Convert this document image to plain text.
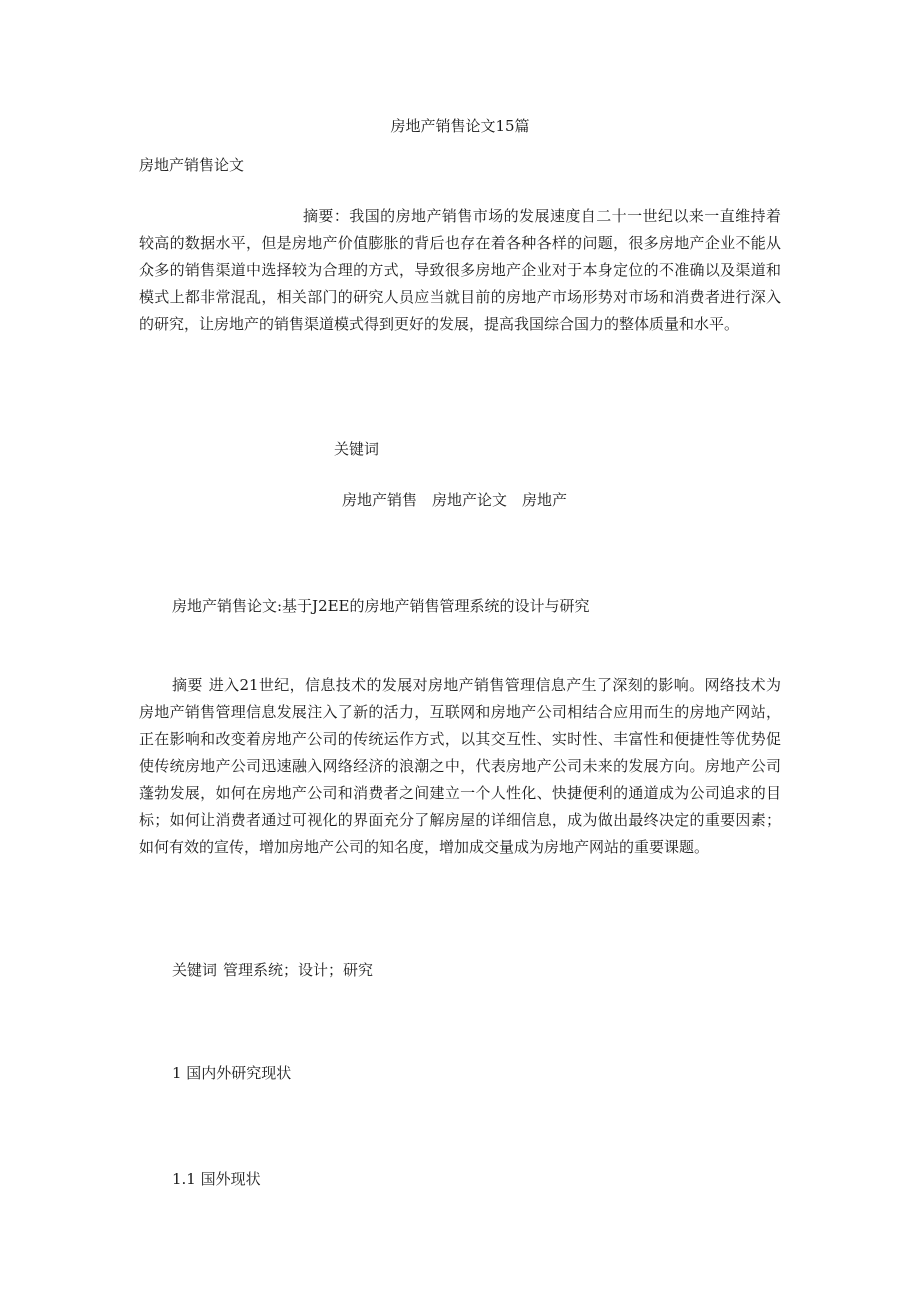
房地产销售论文15篇
房地产销售论文

摘要：我国的房地产销售市场的发展速度自二十一世纪以来一直维持着较高的数据水平，但是房地产价值膨胀的背后也存在着各种各样的问题，很多房地产企业不能从众多的销售渠道中选择较为合理的方式，导致很多房地产企业对于本身定位的不准确以及渠道和模式上都非常混乱，相关部门的研究人员应当就目前的房地产市场形势对市场和消费者进行深入的研究，让房地产的销售渠道模式得到更好的发展，提高我国综合国力的整体质量和水平。

关键词
房地产销售 房地产论文 房地产
房地产销售论文:基于J2EE的房地产销售管理系统的设计与研究

摘要 进入21世纪，信息技术的发展对房地产销售管理信息产生了深刻的影响。网络技术为房地产销售管理信息发展注入了新的活力，互联网和房地产公司相结合应用而生的房地产网站，正在影响和改变着房地产公司的传统运作方式，以其交互性、实时性、丰富性和便捷性等优势促使传统房地产公司迅速融入网络经济的浪潮之中，代表房地产公司未来的发展方向。房地产公司蓬勃发展，如何在房地产公司和消费者之间建立一个人性化、快捷便利的通道成为公司追求的目标；如何让消费者通过可视化的界面充分了解房屋的详细信息，成为做出最终决定的重要因素；如何有效的宣传，增加房地产公司的知名度，增加成交量成为房地产网站的重要课题。

关键词 管理系统；设计；研究
1 国内外研究现状
1.1 国外现状
